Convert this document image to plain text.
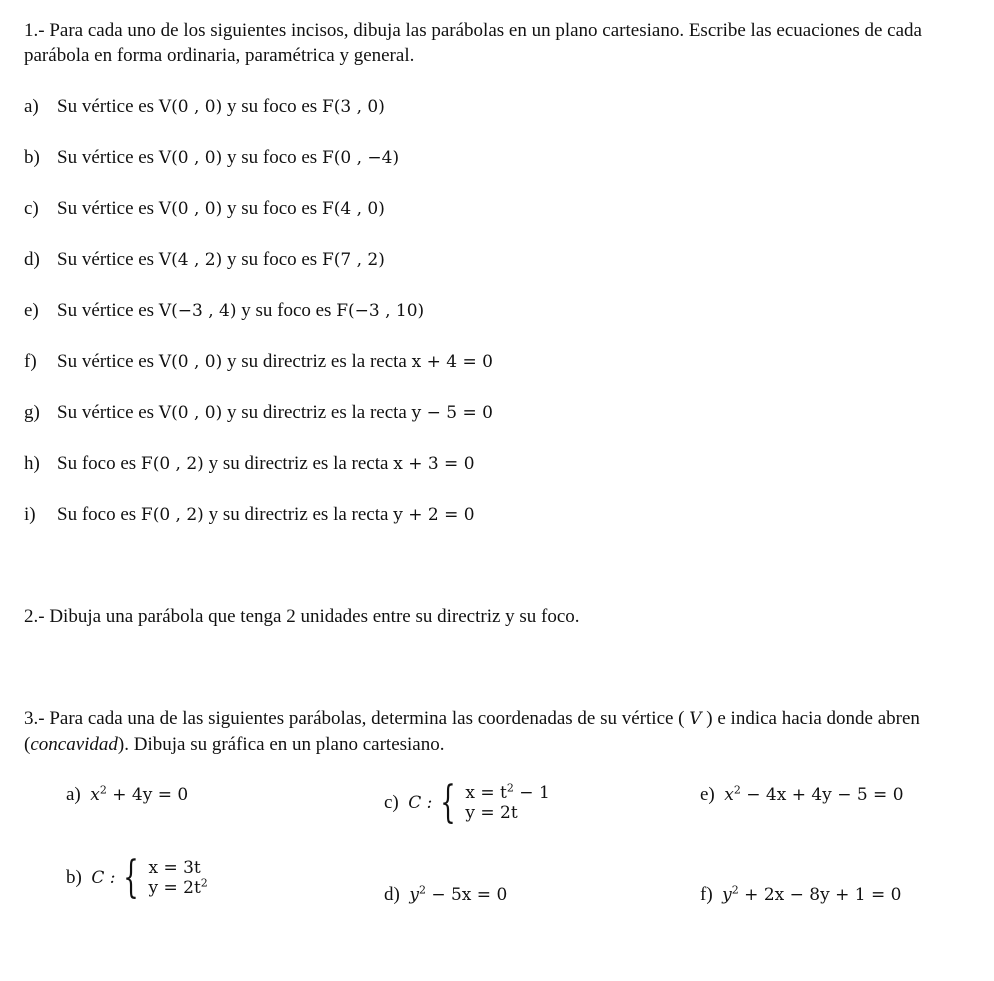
1.- Para cada uno de los siguientes incisos, dibuja las parábolas en un plano cartesiano. Escribe las ecuaciones de cada parábola en forma ordinaria, paramétrica y general.
a) Su vértice es V(0 , 0) y su foco es F(3 , 0)
b) Su vértice es V(0 , 0) y su foco es F(0 , −4)
c) Su vértice es V(0 , 0) y su foco es F(4 , 0)
d) Su vértice es V(4 , 2) y su foco es F(7 , 2)
e) Su vértice es V(−3 , 4) y su foco es F(−3 , 10)
f) Su vértice es V(0 , 0) y su directriz es la recta x + 4 = 0
g) Su vértice es V(0 , 0) y su directriz es la recta y − 5 = 0
h) Su foco es F(0 , 2) y su directriz es la recta x + 3 = 0
i) Su foco es F(0 , 2) y su directriz es la recta y + 2 = 0
2.- Dibuja una parábola que tenga 2 unidades entre su directriz y su foco.
3.- Para cada una de las siguientes parábolas, determina las coordenadas de su vértice ( V ) e indica hacia donde abren (concavidad). Dibuja su gráfica en un plano cartesiano.
a) $x^2 + 4y = 0$	c) C : { $x = t^2 - 1$
y = 2t
e) $x^2 - 4x + 4y - 5 = 0$
b) C : { x = 3t
$y = 2t^2$
d) $y^2 - 5x = 0$	f) $y^2 + 2x - 8y + 1 = 0$
